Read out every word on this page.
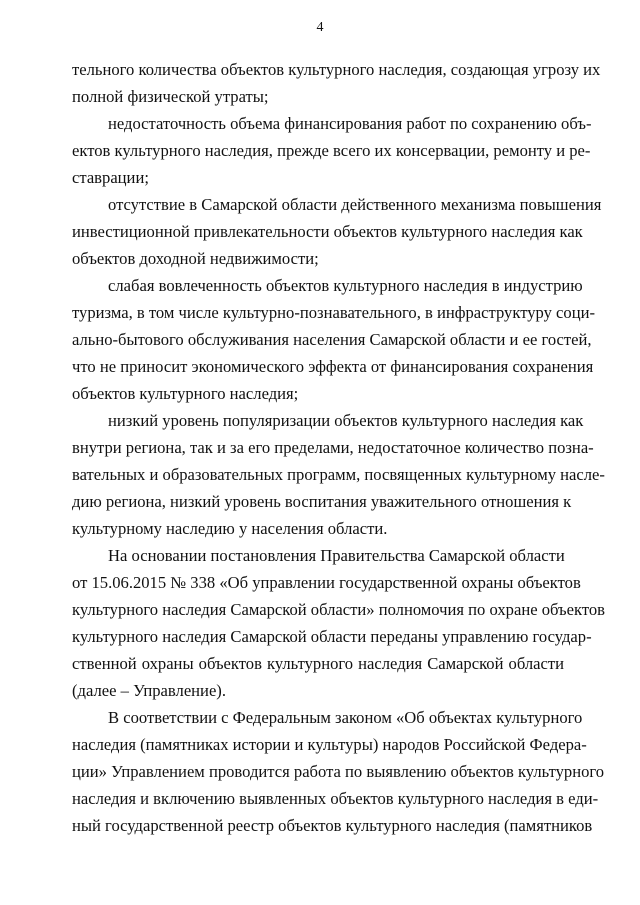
4
тельного количества объектов культурного наследия, создающая угрозу их
полной физической утраты;
недостаточность объема финансирования работ по сохранению объ-
ектов культурного наследия, прежде всего их консервации, ремонту и ре-
ставрации;
отсутствие в Самарской области действенного механизма повышения
инвестиционной привлекательности объектов культурного наследия как
объектов доходной недвижимости;
слабая вовлеченность объектов культурного наследия в индустрию
туризма, в том числе культурно-познавательного, в инфраструктуру соци-
ально-бытового обслуживания населения Самарской области и ее гостей,
что не приносит экономического эффекта от финансирования сохранения
объектов культурного наследия;
низкий уровень популяризации объектов культурного наследия как
внутри региона, так и за его пределами, недостаточное количество позна-
вательных и образовательных программ, посвященных культурному насле-
дию региона, низкий уровень воспитания уважительного отношения к
культурному наследию у населения области.
На основании постановления Правительства Самарской области
от 15.06.2015 № 338 «Об управлении государственной охраны объектов
культурного наследия Самарской области» полномочия по охране объектов
культурного наследия Самарской области переданы управлению государ-
ственной охраны объектов культурного наследия Самарской области
(далее – Управление).
В соответствии с Федеральным законом «Об объектах культурного
наследия (памятниках истории и культуры) народов Российской Федера-
ции» Управлением проводится работа по выявлению объектов культурного
наследия и включению выявленных объектов культурного наследия в еди-
ный государственной реестр объектов культурного наследия (памятников
